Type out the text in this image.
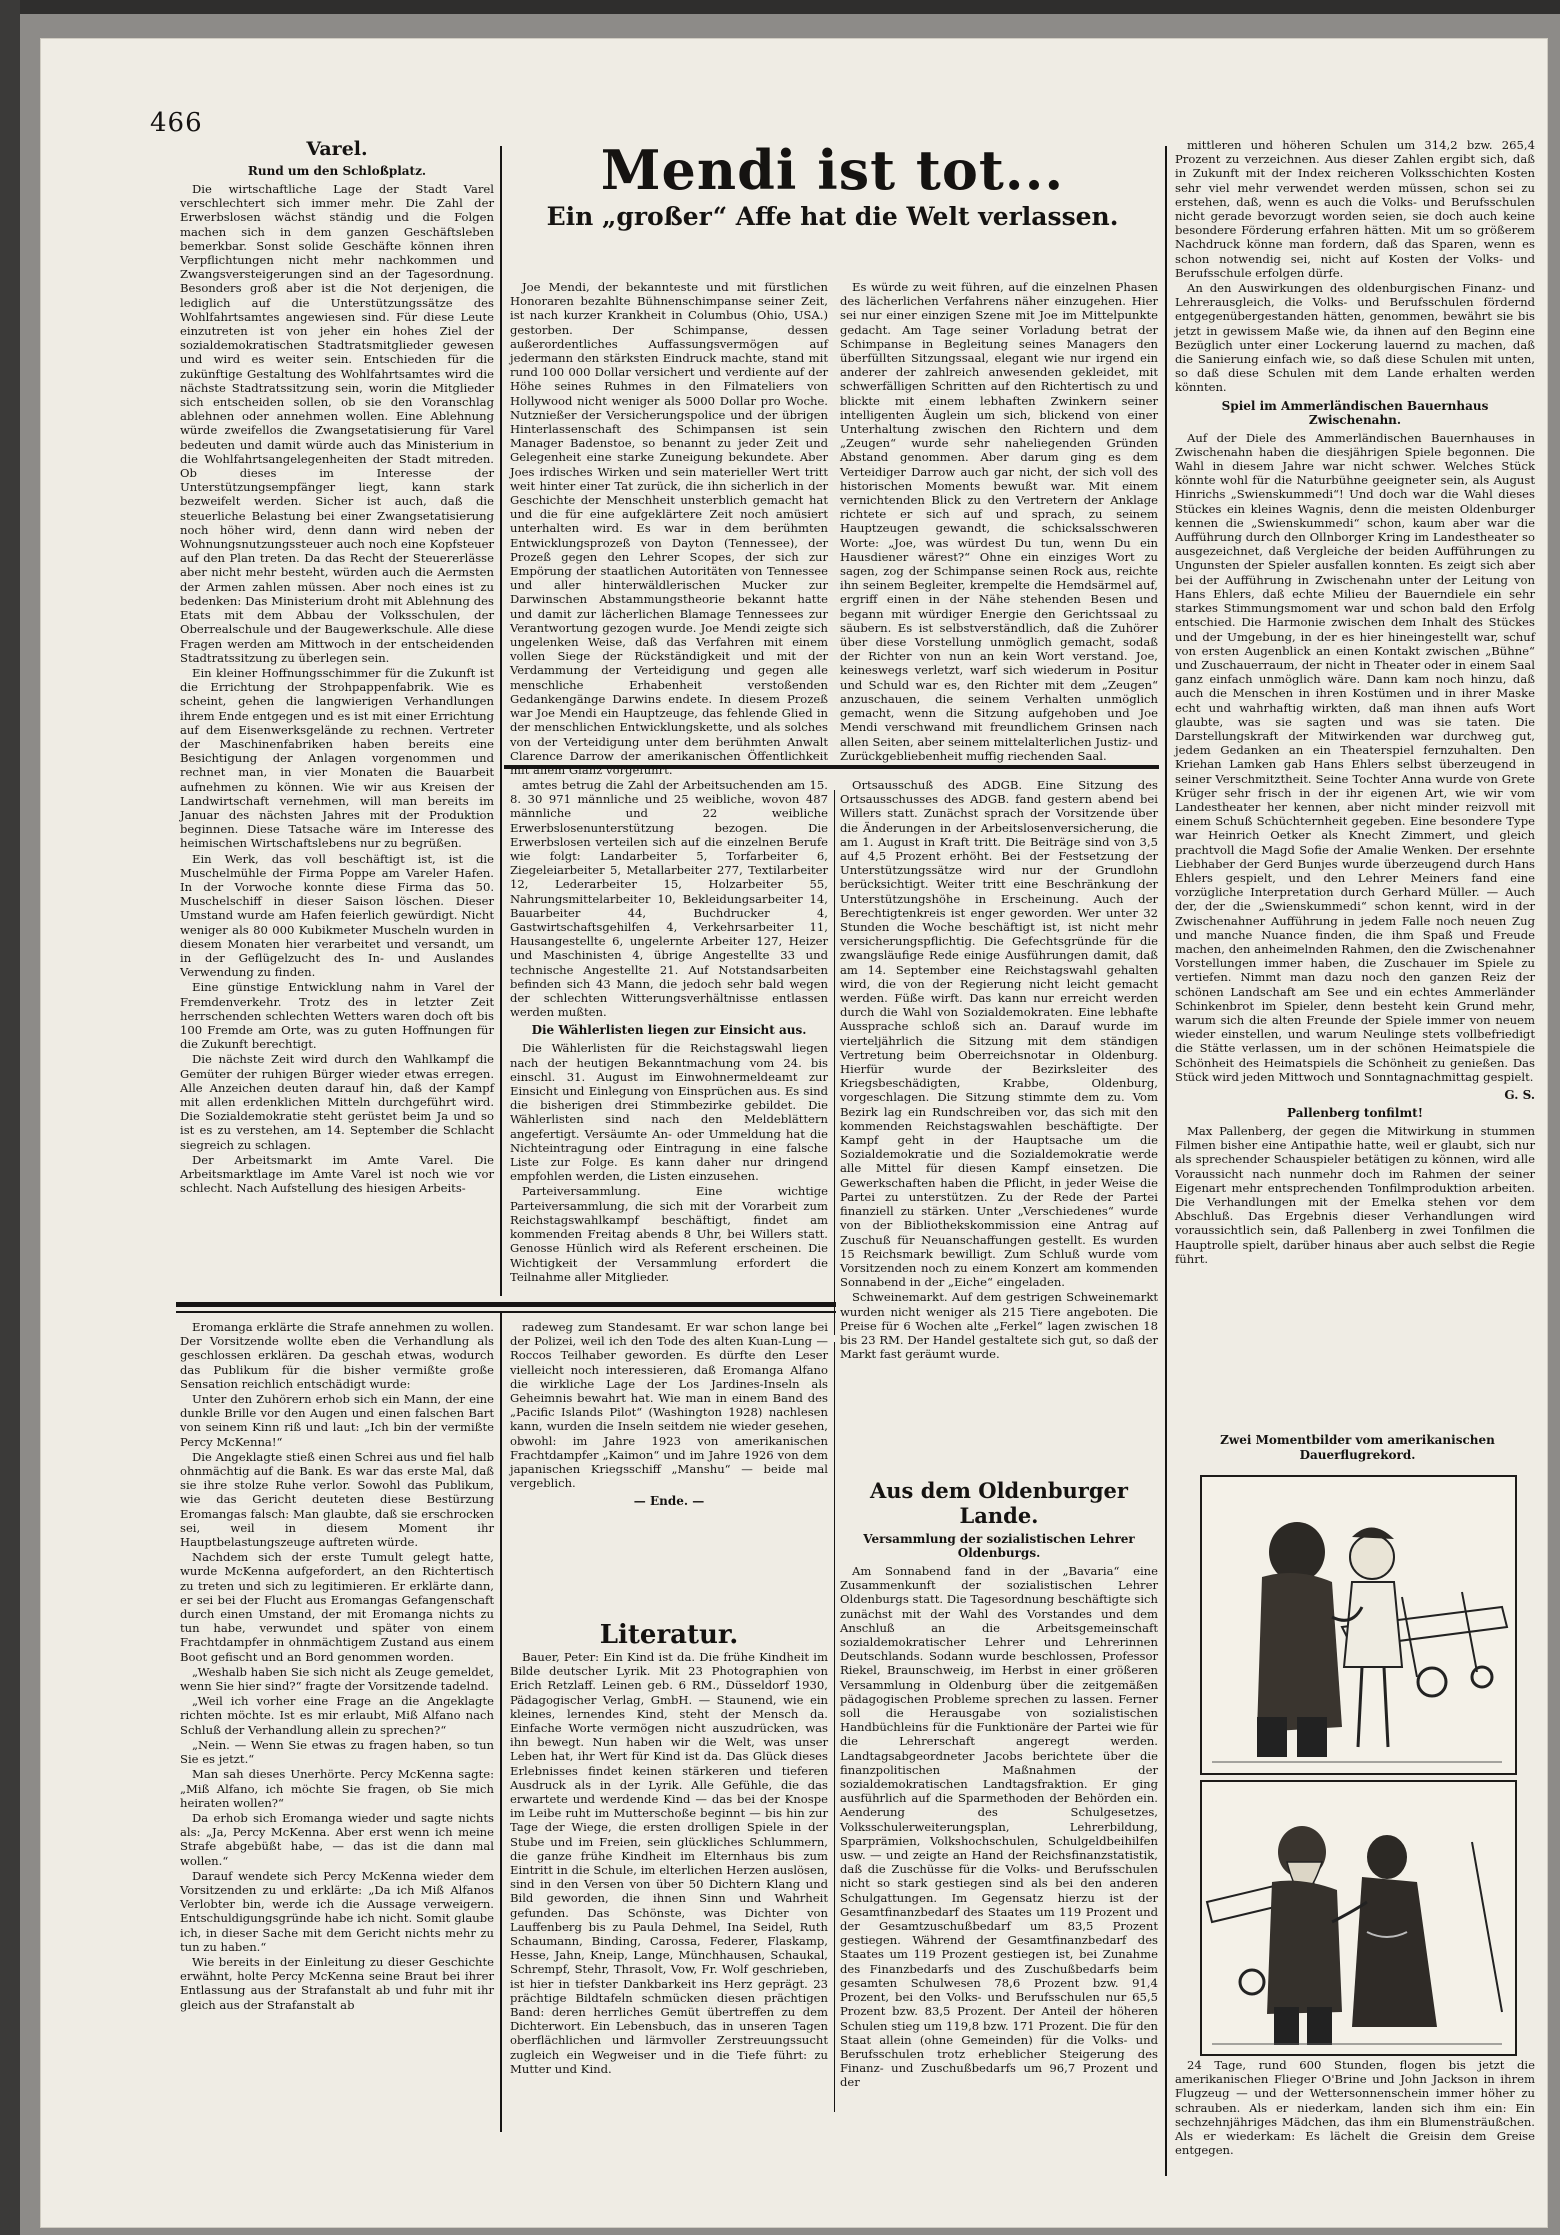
466
Varel.
Rund um den Schloßplatz.

Die wirtschaftliche Lage der Stadt Varel verschlechtert sich immer mehr. Die Zahl der Erwerbslosen wächst ständig und die Folgen machen sich in dem ganzen Geschäftsleben bemerkbar. Sonst solide Geschäfte können ihren Verpflichtungen nicht mehr nachkommen und Zwangsversteigerungen sind an der Tagesordnung. Besonders groß aber ist die Not derjenigen, die lediglich auf die Unterstützungssätze des Wohlfahrtsamtes angewiesen sind. Für diese Leute einzutreten ist von jeher ein hohes Ziel der sozialdemokratischen Stadtratsmitglieder gewesen und wird es weiter sein. Entschieden für die zukünftige Gestaltung des Wohlfahrtsamtes wird die nächste Stadtratssitzung sein, worin die Mitglieder sich entscheiden sollen, ob sie den Voranschlag ablehnen oder annehmen wollen. Eine Ablehnung würde zweifellos die Zwangsetatisierung für Varel bedeuten und damit würde auch das Ministerium in die Wohlfahrtsangelegenheiten der Stadt mitreden. Ob dieses im Interesse der Unterstützungsempfänger liegt, kann stark bezweifelt werden. Sicher ist auch, daß die steuerliche Belastung bei einer Zwangsetatisierung noch höher wird, denn dann wird neben der Wohnungsnutzungssteuer auch noch eine Kopfsteuer auf den Plan treten. Da das Recht der Steuererlässe aber nicht mehr besteht, würden auch die Aermsten der Armen zahlen müssen. Aber noch eines ist zu bedenken: Das Ministerium droht mit Ablehnung des Etats mit dem Abbau der Volksschulen, der Oberrealschule und der Baugewerkschule. Alle diese Fragen werden am Mittwoch in der entscheidenden Stadtratssitzung zu überlegen sein.

Ein kleiner Hoffnungsschimmer für die Zukunft ist die Errichtung der Strohpappenfabrik. Wie es scheint, gehen die langwierigen Verhandlungen ihrem Ende entgegen und es ist mit einer Errichtung auf dem Eisenwerksgelände zu rechnen. Vertreter der Maschinenfabriken haben bereits eine Besichtigung der Anlagen vorgenommen und rechnet man, in vier Monaten die Bauarbeit aufnehmen zu können. Wie wir aus Kreisen der Landwirtschaft vernehmen, will man bereits im Januar des nächsten Jahres mit der Produktion beginnen. Diese Tatsache wäre im Interesse des heimischen Wirtschaftslebens nur zu begrüßen.

Ein Werk, das voll beschäftigt ist, ist die Muschelmühle der Firma Poppe am Vareler Hafen. In der Vorwoche konnte diese Firma das 50. Muschelschiff in dieser Saison löschen. Dieser Umstand wurde am Hafen feierlich gewürdigt. Nicht weniger als 80 000 Kubikmeter Muscheln wurden in diesem Monaten hier verarbeitet und versandt, um in der Geflügelzucht des In- und Auslandes Verwendung zu finden.

Eine günstige Entwicklung nahm in Varel der Fremdenverkehr. Trotz des in letzter Zeit herrschenden schlechten Wetters waren doch oft bis 100 Fremde am Orte, was zu guten Hoffnungen für die Zukunft berechtigt.

Die nächste Zeit wird durch den Wahlkampf die Gemüter der ruhigen Bürger wieder etwas erregen. Alle Anzeichen deuten darauf hin, daß der Kampf mit allen erdenklichen Mitteln durchgeführt wird. Die Sozialdemokratie steht gerüstet beim Ja und so ist es zu verstehen, am 14. September die Schlacht siegreich zu schlagen.

Der Arbeitsmarkt im Amte Varel. Die Arbeitsmarktlage im Amte Varel ist noch wie vor schlecht. Nach Aufstellung des hiesigen Arbeits-

Mendi ist tot...
Ein „großer“ Affe hat die Welt verlassen.

Joe Mendi, der bekannteste und mit fürstlichen Honoraren bezahlte Bühnenschimpanse seiner Zeit, ist nach kurzer Krankheit in Columbus (Ohio, USA.) gestorben. Der Schimpanse, dessen außerordentliches Auffassungsvermögen auf jedermann den stärksten Eindruck machte, stand mit rund 100 000 Dollar versichert und verdiente auf der Höhe seines Ruhmes in den Filmateliers von Hollywood nicht weniger als 5000 Dollar pro Woche. Nutznießer der Versicherungspolice und der übrigen Hinterlassenschaft des Schimpansen ist sein Manager Badenstoe, so benannt zu jeder Zeit und Gelegenheit eine starke Zuneigung bekundete. Aber Joes irdisches Wirken und sein materieller Wert tritt weit hinter einer Tat zurück, die ihn sicherlich in der Geschichte der Menschheit unsterblich gemacht hat und die für eine aufgeklärtere Zeit noch amüsiert unterhalten wird. Es war in dem berühmten Entwicklungsprozeß von Dayton (Tennessee), der Prozeß gegen den Lehrer Scopes, der sich zur Empörung der staatlichen Autoritäten von Tennessee und aller hinterwäldlerischen Mucker zur Darwinschen Abstammungstheorie bekannt hatte und damit zur lächerlichen Blamage Tennessees zur Verantwortung gezogen wurde. Joe Mendi zeigte sich ungelenken Weise, daß das Verfahren mit einem vollen Siege der Rückständigkeit und mit der Verdammung der Verteidigung und gegen alle menschliche Erhabenheit verstoßenden Gedankengänge Darwins endete. In diesem Prozeß war Joe Mendi ein Hauptzeuge, das fehlende Glied in der menschlichen Entwicklungskette, und als solches von der Verteidigung unter dem berühmten Anwalt Clarence Darrow der amerikanischen Öffentlichkeit mit allem Glanz vorgeführt.

Es würde zu weit führen, auf die einzelnen Phasen des lächerlichen Verfahrens näher einzugehen. Hier sei nur einer einzigen Szene mit Joe im Mittelpunkte gedacht. Am Tage seiner Vorladung betrat der Schimpanse in Begleitung seines Managers den überfüllten Sitzungssaal, elegant wie nur irgend ein anderer der zahlreich anwesenden gekleidet, mit schwerfälligen Schritten auf den Richtertisch zu und blickte mit einem lebhaften Zwinkern seiner intelligenten Äuglein um sich, blickend von einer Unterhaltung zwischen den Richtern und dem „Zeugen“ wurde sehr naheliegenden Gründen Abstand genommen. Aber darum ging es dem Verteidiger Darrow auch gar nicht, der sich voll des historischen Moments bewußt war. Mit einem vernichtenden Blick zu den Vertretern der Anklage richtete er sich auf und sprach, zu seinem Hauptzeugen gewandt, die schicksalsschweren Worte: „Joe, was würdest Du tun, wenn Du ein Hausdiener wärest?“ Ohne ein einziges Wort zu sagen, zog der Schimpanse seinen Rock aus, reichte ihn seinem Begleiter, krempelte die Hemdsärmel auf, ergriff einen in der Nähe stehenden Besen und begann mit würdiger Energie den Gerichtssaal zu säubern. Es ist selbstverständlich, daß die Zuhörer über diese Vorstellung unmöglich gemacht, sodaß der Richter von nun an kein Wort verstand. Joe, keineswegs verletzt, warf sich wiederum in Positur und Schuld war es, den Richter mit dem „Zeugen“ anzuschauen, die seinem Verhalten unmöglich gemacht, wenn die Sitzung aufgehoben und Joe Mendi verschwand mit freundlichem Grinsen nach allen Seiten, aber seinem mittelalterlichen Justiz- und Zurückgebliebenheit muffig riechenden Saal.

amtes betrug die Zahl der Arbeitsuchenden am 15. 8. 30 971 männliche und 25 weibliche, wovon 487 männliche und 22 weibliche Erwerbslosenunterstützung bezogen. Die Erwerbslosen verteilen sich auf die einzelnen Berufe wie folgt: Landarbeiter 5, Torfarbeiter 6, Ziegeleiarbeiter 5, Metallarbeiter 277, Textilarbeiter 12, Lederarbeiter 15, Holzarbeiter 55, Nahrungsmittelarbeiter 10, Bekleidungsarbeiter 14, Bauarbeiter 44, Buchdrucker 4, Gastwirtschaftsgehilfen 4, Verkehrsarbeiter 11, Hausangestellte 6, ungelernte Arbeiter 127, Heizer und Maschinisten 4, übrige Angestellte 33 und technische Angestellte 21. Auf Notstandsarbeiten befinden sich 43 Mann, die jedoch sehr bald wegen der schlechten Witterungsverhältnisse entlassen werden mußten.

Die Wählerlisten liegen zur Einsicht aus.

Die Wählerlisten für die Reichstagswahl liegen nach der heutigen Bekanntmachung vom 24. bis einschl. 31. August im Einwohnermeldeamt zur Einsicht und Einlegung von Einsprüchen aus. Es sind die bisherigen drei Stimmbezirke gebildet. Die Wählerlisten sind nach den Meldeblättern angefertigt. Versäumte An- oder Ummeldung hat die Nichteintragung oder Eintragung in eine falsche Liste zur Folge. Es kann daher nur dringend empfohlen werden, die Listen einzusehen.

Parteiversammlung. Eine wichtige Parteiversammlung, die sich mit der Vorarbeit zum Reichstagswahlkampf beschäftigt, findet am kommenden Freitag abends 8 Uhr, bei Willers statt. Genosse Hünlich wird als Referent erscheinen. Die Wichtigkeit der Versammlung erfordert die Teilnahme aller Mitglieder.

Ortsausschuß des ADGB. Eine Sitzung des Ortsausschusses des ADGB. fand gestern abend bei Willers statt. Zunächst sprach der Vorsitzende über die Änderungen in der Arbeitslosenversicherung, die am 1. August in Kraft tritt. Die Beiträge sind von 3,5 auf 4,5 Prozent erhöht. Bei der Festsetzung der Unterstützungssätze wird nur der Grundlohn berücksichtigt. Weiter tritt eine Beschränkung der Unterstützungshöhe in Erscheinung. Auch der Berechtigtenkreis ist enger geworden. Wer unter 32 Stunden die Woche beschäftigt ist, ist nicht mehr versicherungspflichtig. Die Gefechtsgründe für die zwangsläufige Rede einige Ausführungen damit, daß am 14. September eine Reichstagswahl gehalten wird, die von der Regierung nicht leicht gemacht werden. Füße wirft. Das kann nur erreicht werden durch die Wahl von Sozialdemokraten. Eine lebhafte Aussprache schloß sich an. Darauf wurde im vierteljährlich die Sitzung mit dem ständigen Vertretung beim Oberreichsnotar in Oldenburg. Hierfür wurde der Bezirksleiter des Kriegsbeschädigten, Krabbe, Oldenburg, vorgeschlagen. Die Sitzung stimmte dem zu. Vom Bezirk lag ein Rundschreiben vor, das sich mit den kommenden Reichstagswahlen beschäftigte. Der Kampf geht in der Hauptsache um die Sozialdemokratie und die Sozialdemokratie werde alle Mittel für diesen Kampf einsetzen. Die Gewerkschaften haben die Pflicht, in jeder Weise die Partei zu unterstützen. Zu der Rede der Partei finanziell zu stärken. Unter „Verschiedenes“ wurde von der Bibliothekskommission eine Antrag auf Zuschuß für Neuanschaffungen gestellt. Es wurden 15 Reichsmark bewilligt. Zum Schluß wurde vom Vorsitzenden noch zu einem Konzert am kommenden Sonnabend in der „Eiche“ eingeladen.

Schweinemarkt. Auf dem gestrigen Schweinemarkt wurden nicht weniger als 215 Tiere angeboten. Die Preise für 6 Wochen alte „Ferkel“ lagen zwischen 18 bis 23 RM. Der Handel gestaltete sich gut, so daß der Markt fast geräumt wurde.

Eromanga erklärte die Strafe annehmen zu wollen. Der Vorsitzende wollte eben die Verhandlung als geschlossen erklären. Da geschah etwas, wodurch das Publikum für die bisher vermißte große Sensation reichlich entschädigt wurde:

Unter den Zuhörern erhob sich ein Mann, der eine dunkle Brille vor den Augen und einen falschen Bart von seinem Kinn riß und laut: „Ich bin der vermißte Percy McKenna!“

Die Angeklagte stieß einen Schrei aus und fiel halb ohnmächtig auf die Bank. Es war das erste Mal, daß sie ihre stolze Ruhe verlor. Sowohl das Publikum, wie das Gericht deuteten diese Bestürzung Eromangas falsch: Man glaubte, daß sie erschrocken sei, weil in diesem Moment ihr Hauptbelastungszeuge auftreten würde.

Nachdem sich der erste Tumult gelegt hatte, wurde McKenna aufgefordert, an den Richtertisch zu treten und sich zu legitimieren. Er erklärte dann, er sei bei der Flucht aus Eromangas Gefangenschaft durch einen Umstand, der mit Eromanga nichts zu tun habe, verwundet und später von einem Frachtdampfer in ohnmächtigem Zustand aus einem Boot gefischt und an Bord genommen worden.

„Weshalb haben Sie sich nicht als Zeuge gemeldet, wenn Sie hier sind?“ fragte der Vorsitzende tadelnd.

„Weil ich vorher eine Frage an die Angeklagte richten möchte. Ist es mir erlaubt, Miß Alfano nach Schluß der Verhandlung allein zu sprechen?“

„Nein. — Wenn Sie etwas zu fragen haben, so tun Sie es jetzt.“

Man sah dieses Unerhörte. Percy McKenna sagte: „Miß Alfano, ich möchte Sie fragen, ob Sie mich heiraten wollen?“

Da erhob sich Eromanga wieder und sagte nichts als: „Ja, Percy McKenna. Aber erst wenn ich meine Strafe abgebüßt habe, — das ist die dann mal wollen.“

Darauf wendete sich Percy McKenna wieder dem Vorsitzenden zu und erklärte: „Da ich Miß Alfanos Verlobter bin, werde ich die Aussage verweigern. Entschuldigungsgründe habe ich nicht. Somit glaube ich, in dieser Sache mit dem Gericht nichts mehr zu tun zu haben.“

Wie bereits in der Einleitung zu dieser Geschichte erwähnt, holte Percy McKenna seine Braut bei ihrer Entlassung aus der Strafanstalt ab und fuhr mit ihr gleich aus der Strafanstalt ab

radeweg zum Standesamt. Er war schon lange bei der Polizei, weil ich den Tode des alten Kuan-Lung — Roccos Teilhaber geworden. Es dürfte den Leser vielleicht noch interessieren, daß Eromanga Alfano die wirkliche Lage der Los Jardines-Inseln als Geheimnis bewahrt hat. Wie man in einem Band des „Pacific Islands Pilot“ (Washington 1928) nachlesen kann, wurden die Inseln seitdem nie wieder gesehen, obwohl: im Jahre 1923 von amerikanischen Frachtdampfer „Kaimon“ und im Jahre 1926 von dem japanischen Kriegsschiff „Manshu“ — beide mal vergeblich.

— Ende. —
Literatur.

Bauer, Peter: Ein Kind ist da. Die frühe Kindheit im Bilde deutscher Lyrik. Mit 23 Photographien von Erich Retzlaff. Leinen geb. 6 RM., Düsseldorf 1930, Pädagogischer Verlag, GmbH. — Staunend, wie ein kleines, lernendes Kind, steht der Mensch da. Einfache Worte vermögen nicht auszudrücken, was ihn bewegt. Nun haben wir die Welt, was unser Leben hat, ihr Wert für Kind ist da. Das Glück dieses Erlebnisses findet keinen stärkeren und tieferen Ausdruck als in der Lyrik. Alle Gefühle, die das erwartete und werdende Kind — das bei der Knospe im Leibe ruht im Mutterschoße beginnt — bis hin zur Tage der Wiege, die ersten drolligen Spiele in der Stube und im Freien, sein glückliches Schlummern, die ganze frühe Kindheit im Elternhaus bis zum Eintritt in die Schule, im elterlichen Herzen auslösen, sind in den Versen von über 50 Dichtern Klang und Bild geworden, die ihnen Sinn und Wahrheit gefunden. Das Schönste, was Dichter von Lauffenberg bis zu Paula Dehmel, Ina Seidel, Ruth Schaumann, Binding, Carossa, Federer, Flaskamp, Hesse, Jahn, Kneip, Lange, Münchhausen, Schaukal, Schrempf, Stehr, Thrasolt, Vow, Fr. Wolf geschrieben, ist hier in tiefster Dankbarkeit ins Herz geprägt. 23 prächtige Bildtafeln schmücken diesen prächtigen Band: deren herrliches Gemüt übertreffen zu dem Dichterwort. Ein Lebensbuch, das in unseren Tagen oberflächlichen und lärmvoller Zerstreuungssucht zugleich ein Wegweiser und in die Tiefe führt: zu Mutter und Kind.

Aus dem Oldenburger Lande.
Versammlung der sozialistischen Lehrer Oldenburgs.

Am Sonnabend fand in der „Bavaria“ eine Zusammenkunft der sozialistischen Lehrer Oldenburgs statt. Die Tagesordnung beschäftigte sich zunächst mit der Wahl des Vorstandes und dem Anschluß an die Arbeitsgemeinschaft sozialdemokratischer Lehrer und Lehrerinnen Deutschlands. Sodann wurde beschlossen, Professor Riekel, Braunschweig, im Herbst in einer größeren Versammlung in Oldenburg über die zeitgemäßen pädagogischen Probleme sprechen zu lassen. Ferner soll die Herausgabe von sozialistischen Handbüchleins für die Funktionäre der Partei wie für die Lehrerschaft angeregt werden. Landtagsabgeordneter Jacobs berichtete über die finanzpolitischen Maßnahmen der sozialdemokratischen Landtagsfraktion. Er ging ausführlich auf die Sparmethoden der Behörden ein. Aenderung des Schulgesetzes, Volksschulerweiterungsplan, Lehrerbildung, Sparprämien, Volkshochschulen, Schulgeldbeihilfen usw. — und zeigte an Hand der Reichsfinanzstatistik, daß die Zuschüsse für die Volks- und Berufsschulen nicht so stark gestiegen sind als bei den anderen Schulgattungen. Im Gegensatz hierzu ist der Gesamtfinanzbedarf des Staates um 119 Prozent und der Gesamtzuschußbedarf um 83,5 Prozent gestiegen. Während der Gesamtfinanzbedarf des Staates um 119 Prozent gestiegen ist, bei Zunahme des Finanzbedarfs und des Zuschußbedarfs beim gesamten Schulwesen 78,6 Prozent bzw. 91,4 Prozent, bei den Volks- und Berufsschulen nur 65,5 Prozent bzw. 83,5 Prozent. Der Anteil der höheren Schulen stieg um 119,8 bzw. 171 Prozent. Die für den Staat allein (ohne Gemeinden) für die Volks- und Berufsschulen trotz erheblicher Steigerung des Finanz- und Zuschußbedarfs um 96,7 Prozent und der

mittleren und höheren Schulen um 314,2 bzw. 265,4 Prozent zu verzeichnen. Aus dieser Zahlen ergibt sich, daß in Zukunft mit der Index reicheren Volksschichten Kosten sehr viel mehr verwendet werden müssen, schon sei zu erstehen, daß, wenn es auch die Volks- und Berufsschulen nicht gerade bevorzugt worden seien, sie doch auch keine besondere Förderung erfahren hätten. Mit um so größerem Nachdruck könne man fordern, daß das Sparen, wenn es schon notwendig sei, nicht auf Kosten der Volks- und Berufsschule erfolgen dürfe.

An den Auswirkungen des oldenburgischen Finanz- und Lehrerausgleich, die Volks- und Berufsschulen fördernd entgegenübergestanden hätten, genommen, bewährt sie bis jetzt in gewissem Maße wie, da ihnen auf den Beginn eine Bezüglich unter einer Lockerung lauernd zu machen, daß die Sanierung einfach wie, so daß diese Schulen mit unten, so daß diese Schulen mit dem Lande erhalten werden könnten.

Spiel im Ammerländischen Bauernhaus Zwischenahn.

Auf der Diele des Ammerländischen Bauernhauses in Zwischenahn haben die diesjährigen Spiele begonnen. Die Wahl in diesem Jahre war nicht schwer. Welches Stück könnte wohl für die Naturbühne geeigneter sein, als August Hinrichs „Swienskummedi“! Und doch war die Wahl dieses Stückes ein kleines Wagnis, denn die meisten Oldenburger kennen die „Swienskummedi“ schon, kaum aber war die Aufführung durch den Ollnborger Kring im Landestheater so ausgezeichnet, daß Vergleiche der beiden Aufführungen zu Ungunsten der Spieler ausfallen konnten. Es zeigt sich aber bei der Aufführung in Zwischenahn unter der Leitung von Hans Ehlers, daß echte Milieu der Bauerndiele ein sehr starkes Stimmungsmoment war und schon bald den Erfolg entschied. Die Harmonie zwischen dem Inhalt des Stückes und der Umgebung, in der es hier hineingestellt war, schuf von ersten Augenblick an einen Kontakt zwischen „Bühne“ und Zuschauerraum, der nicht in Theater oder in einem Saal ganz einfach unmöglich wäre. Dann kam noch hinzu, daß auch die Menschen in ihren Kostümen und in ihrer Maske echt und wahrhaftig wirkten, daß man ihnen aufs Wort glaubte, was sie sagten und was sie taten. Die Darstellungskraft der Mitwirkenden war durchweg gut, jedem Gedanken an ein Theaterspiel fernzuhalten. Den Kriehan Lamken gab Hans Ehlers selbst überzeugend in seiner Verschmitztheit. Seine Tochter Anna wurde von Grete Krüger sehr frisch in der ihr eigenen Art, wie wir vom Landestheater her kennen, aber nicht minder reizvoll mit einem Schuß Schüchternheit gegeben. Eine besondere Type war Heinrich Oetker als Knecht Zimmert, und gleich prachtvoll die Magd Sofie der Amalie Wenken. Der ersehnte Liebhaber der Gerd Bunjes wurde überzeugend durch Hans Ehlers gespielt, und den Lehrer Meiners fand eine vorzügliche Interpretation durch Gerhard Müller. — Auch der, der die „Swienskummedi“ schon kennt, wird in der Zwischenahner Aufführung in jedem Falle noch neuen Zug und manche Nuance finden, die ihm Spaß und Freude machen, den anheimelnden Rahmen, den die Zwischenahner Vorstellungen immer haben, die Zuschauer im Spiele zu vertiefen. Nimmt man dazu noch den ganzen Reiz der schönen Landschaft am See und ein echtes Ammerländer Schinkenbrot im Spieler, denn besteht kein Grund mehr, warum sich die alten Freunde der Spiele immer von neuem wieder einstellen, und warum Neulinge stets vollbefriedigt die Stätte verlassen, um in der schönen Heimatspiele die Schönheit des Heimatspiels die Schönheit zu genießen. Das Stück wird jeden Mittwoch und Sonntagnachmittag gespielt.

G. S.
Pallenberg tonfilmt!

Max Pallenberg, der gegen die Mitwirkung in stummen Filmen bisher eine Antipathie hatte, weil er glaubt, sich nur als sprechender Schauspieler betätigen zu können, wird alle Voraussicht nach nunmehr doch im Rahmen der seiner Eigenart mehr entsprechenden Tonfilmproduktion arbeiten. Die Verhandlungen mit der Emelka stehen vor dem Abschluß. Das Ergebnis dieser Verhandlungen wird voraussichtlich sein, daß Pallenberg in zwei Tonfilmen die Hauptrolle spielt, darüber hinaus aber auch selbst die Regie führt.

Zwei Momentbilder vom amerikanischen Dauerflugrekord.

24 Tage, rund 600 Stunden, flogen bis jetzt die amerikanischen Flieger O'Brine und John Jackson in ihrem Flugzeug — und der Wettersonnenschein immer höher zu schrauben. Als er niederkam, landen sich ihm ein: Ein sechzehnjähriges Mädchen, das ihm ein Blumensträußchen. Als er wiederkam: Es lächelt die Greisin dem Greise entgegen.
